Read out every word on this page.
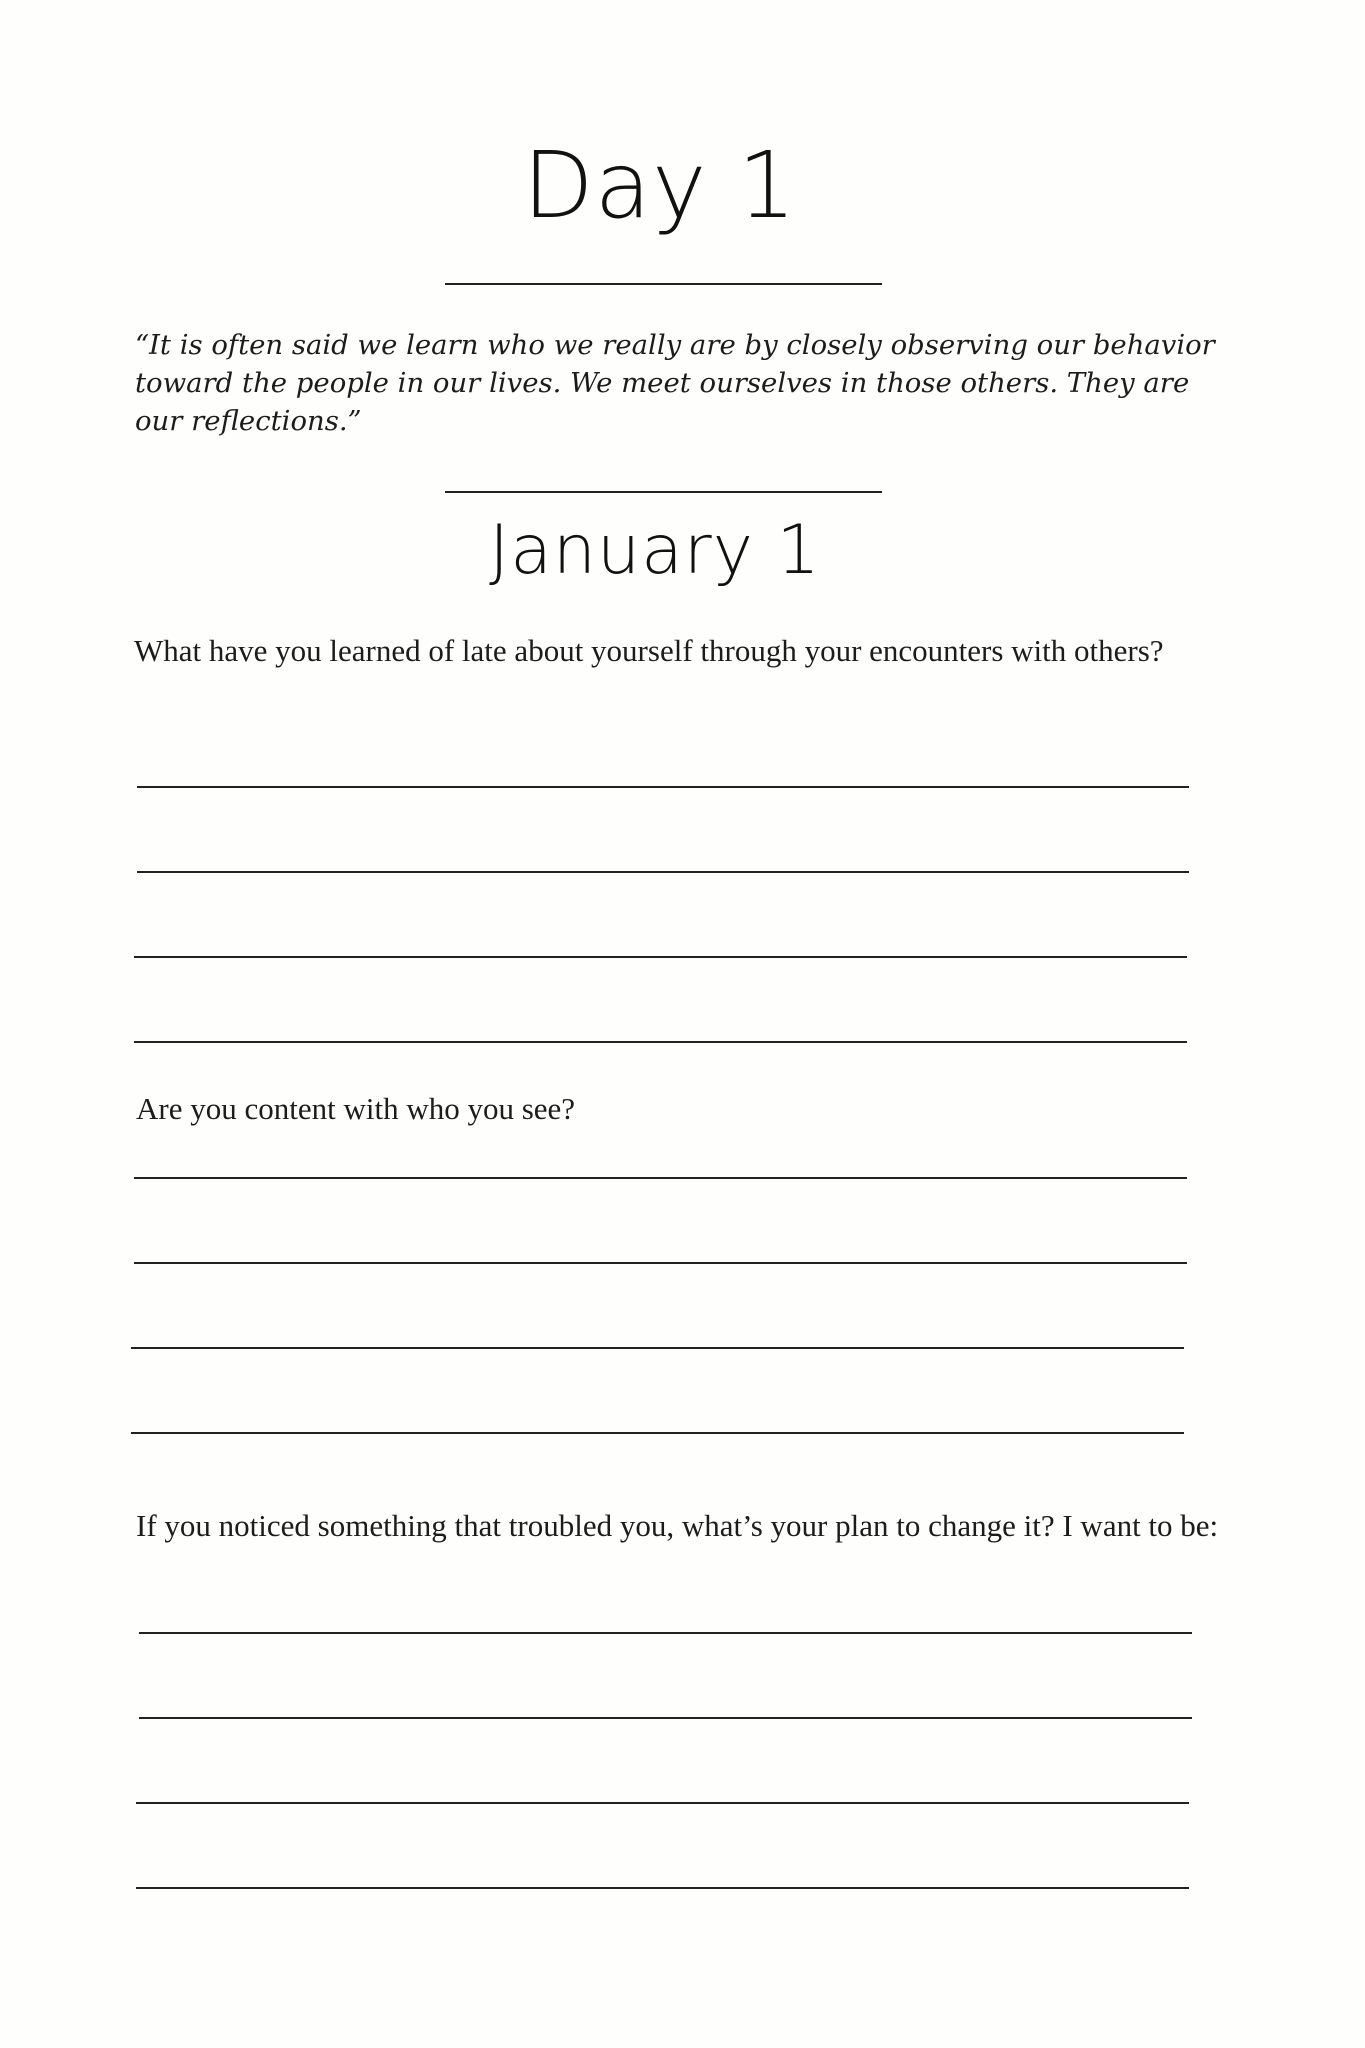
Day 1

“It is often said we learn who we really are by closely observing our behavior toward the people in our lives. We meet ourselves in those others. They are our reflections.”

January 1

What have you learned of late about yourself through your encounters with others?

Are you content with who you see?

If you noticed something that troubled you, what’s your plan to change it? I want to be:
